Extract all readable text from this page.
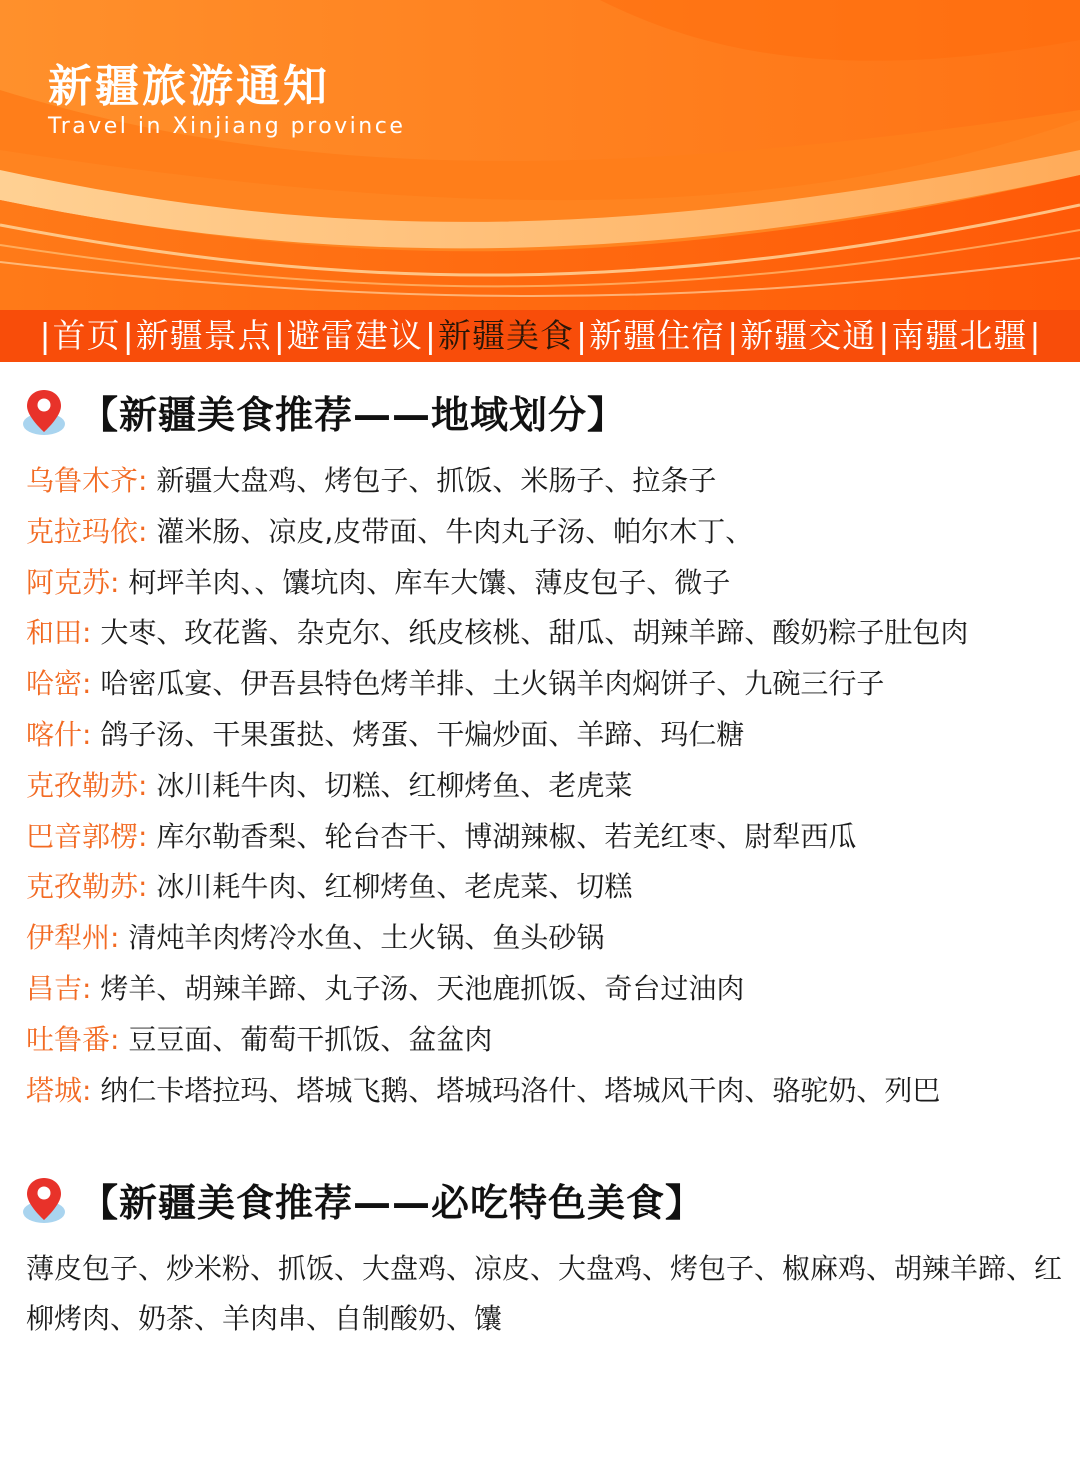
新疆旅游通知
Travel in Xinjiang province
| 首页 | 新疆景点 | 避雷建议 | 新疆美食 | 新疆住宿 | 新疆交通 | 南疆北疆 |
【新疆美食推荐——地域划分】
乌鲁木齐: 新疆大盘鸡、烤包子、抓饭、米肠子、拉条子
克拉玛依: 灌米肠、凉皮,皮带面、牛肉丸子汤、帕尔木丁、
阿克苏: 柯坪羊肉、、馕坑肉、库车大馕、薄皮包子、微子
和田: 大枣、玫花酱、杂克尔、纸皮核桃、甜瓜、胡辣羊蹄、酸奶粽子肚包肉
哈密: 哈密瓜宴、伊吾县特色烤羊排、土火锅羊肉焖饼子、九碗三行子
喀什: 鸽子汤、干果蛋挞、烤蛋、干煸炒面、羊蹄、玛仁糖
克孜勒苏: 冰川耗牛肉、切糕、红柳烤鱼、老虎菜
巴音郭楞: 库尔勒香梨、轮台杏干、博湖辣椒、若羌红枣、尉犁西瓜
克孜勒苏: 冰川耗牛肉、红柳烤鱼、老虎菜、切糕
伊犁州: 清炖羊肉烤冷水鱼、土火锅、鱼头砂锅
昌吉: 烤羊、胡辣羊蹄、丸子汤、天池鹿抓饭、奇台过油肉
吐鲁番: 豆豆面、葡萄干抓饭、盆盆肉
塔城: 纳仁卡塔拉玛、塔城飞鹅、塔城玛洛什、塔城风干肉、骆驼奶、列巴
【新疆美食推荐——必吃特色美食】
薄皮包子、炒米粉、抓饭、大盘鸡、凉皮、大盘鸡、烤包子、椒麻鸡、胡辣羊蹄、红柳烤肉、奶茶、羊肉串、自制酸奶、馕
